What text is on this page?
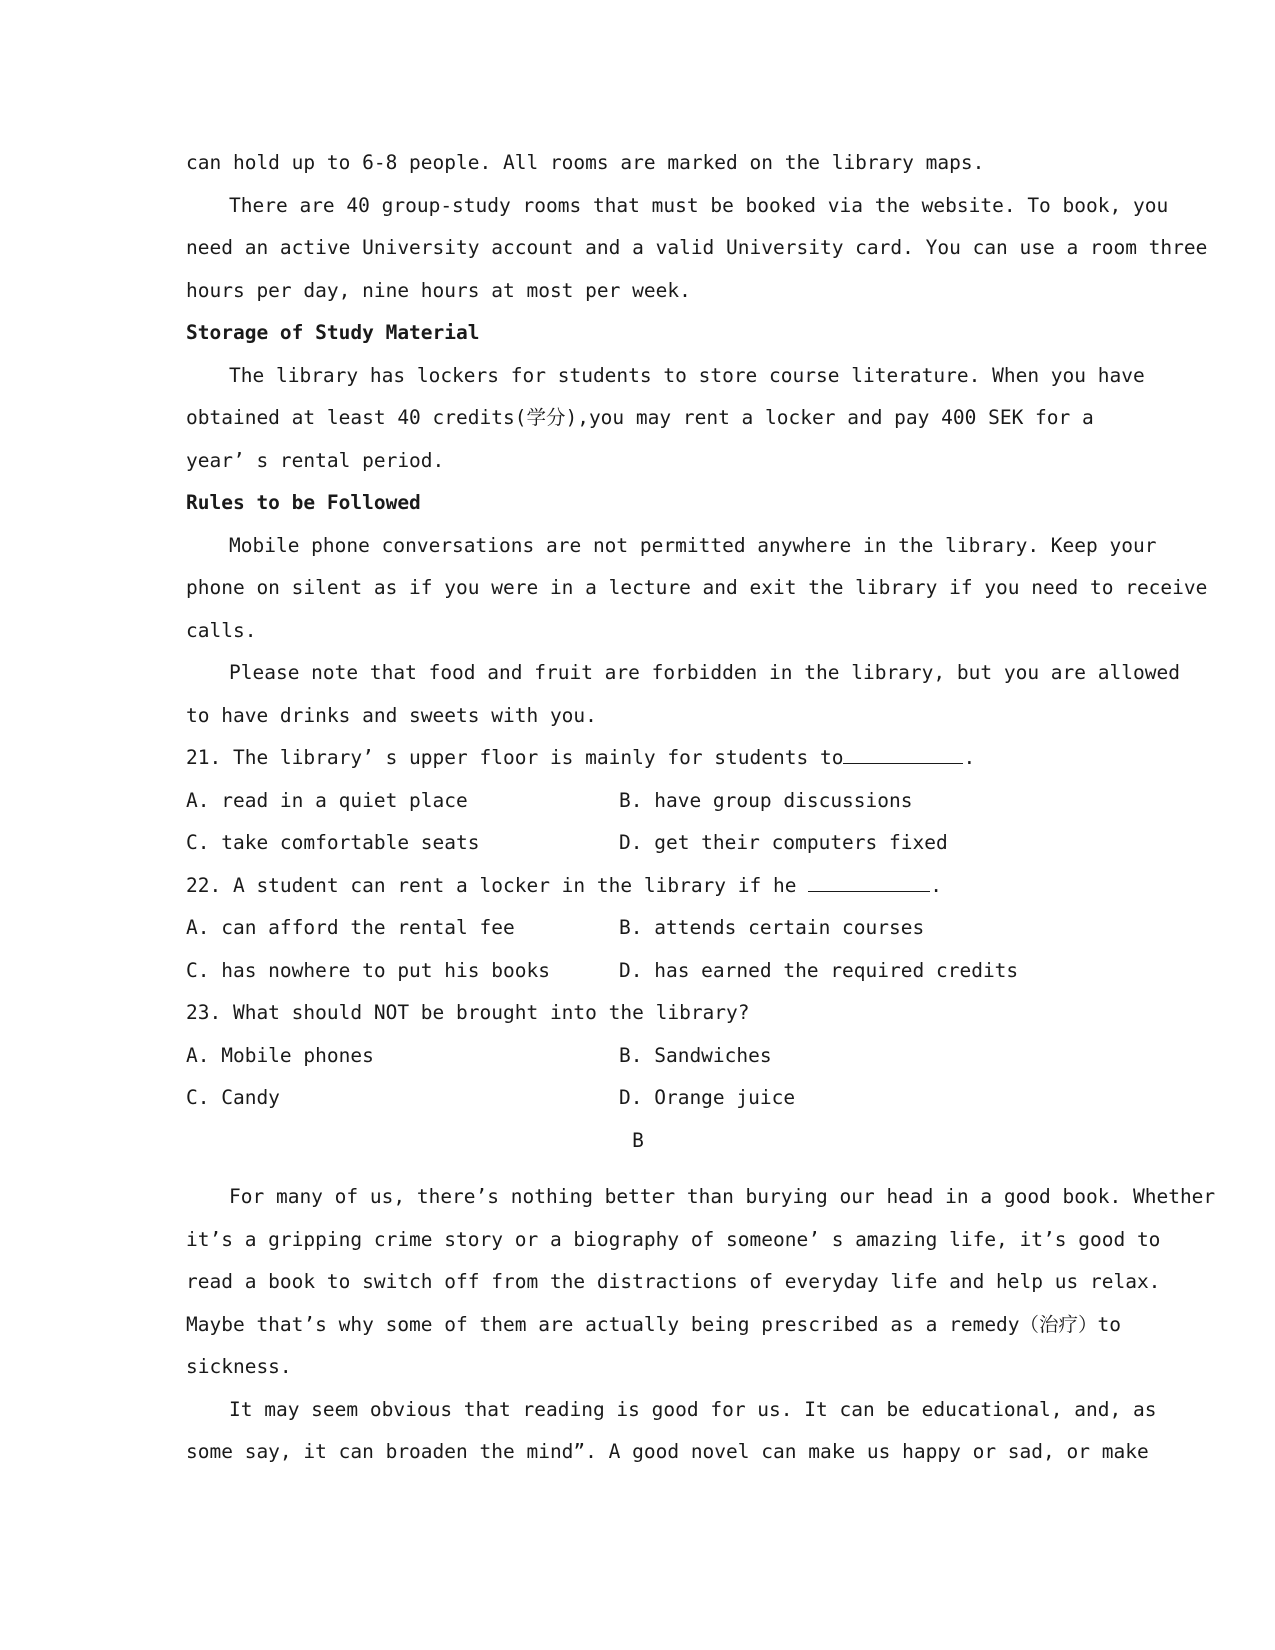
can hold up to 6-8 people. All rooms are marked on the library maps.
There are 40 group-study rooms that must be booked via the website. To book, you
need an active University account and a valid University card. You can use a room three
hours per day, nine hours at most per week.
Storage of Study Material
The library has lockers for students to store course literature. When you have
obtained at least 40 credits(学分),you may rent a locker and pay 400 SEK for a
year’ s rental period.
Rules to be Followed
Mobile phone conversations are not permitted anywhere in the library. Keep your
phone on silent as if you were in a lecture and exit the library if you need to receive
calls.
Please note that food and fruit are forbidden in the library, but you are allowed
to have drinks and sweets with you.
21. The library’ s upper floor is mainly for students to	.
A. read in a quiet place	B. have group discussions
C. take comfortable seats	D. get their computers fixed
22. A student can rent a locker in the library if he	.
A. can afford the rental fee	B. attends certain courses
C. has nowhere to put his books	D. has earned the required credits
23. What should NOT be brought into the library?
A. Mobile phones	B. Sandwiches
C. Candy	D. Orange juice
B
For many of us, there’s nothing better than burying our head in a good book. Whether
it’s a gripping crime story or a biography of someone’ s amazing life, it’s good to
read a book to switch off from the distractions of everyday life and help us relax.
Maybe that’s why some of them are actually being prescribed as a remedy（治疗）to
sickness.
It may seem obvious that reading is good for us. It can be educational, and, as
some say, it can broaden the mind”. A good novel can make us happy or sad, or make
